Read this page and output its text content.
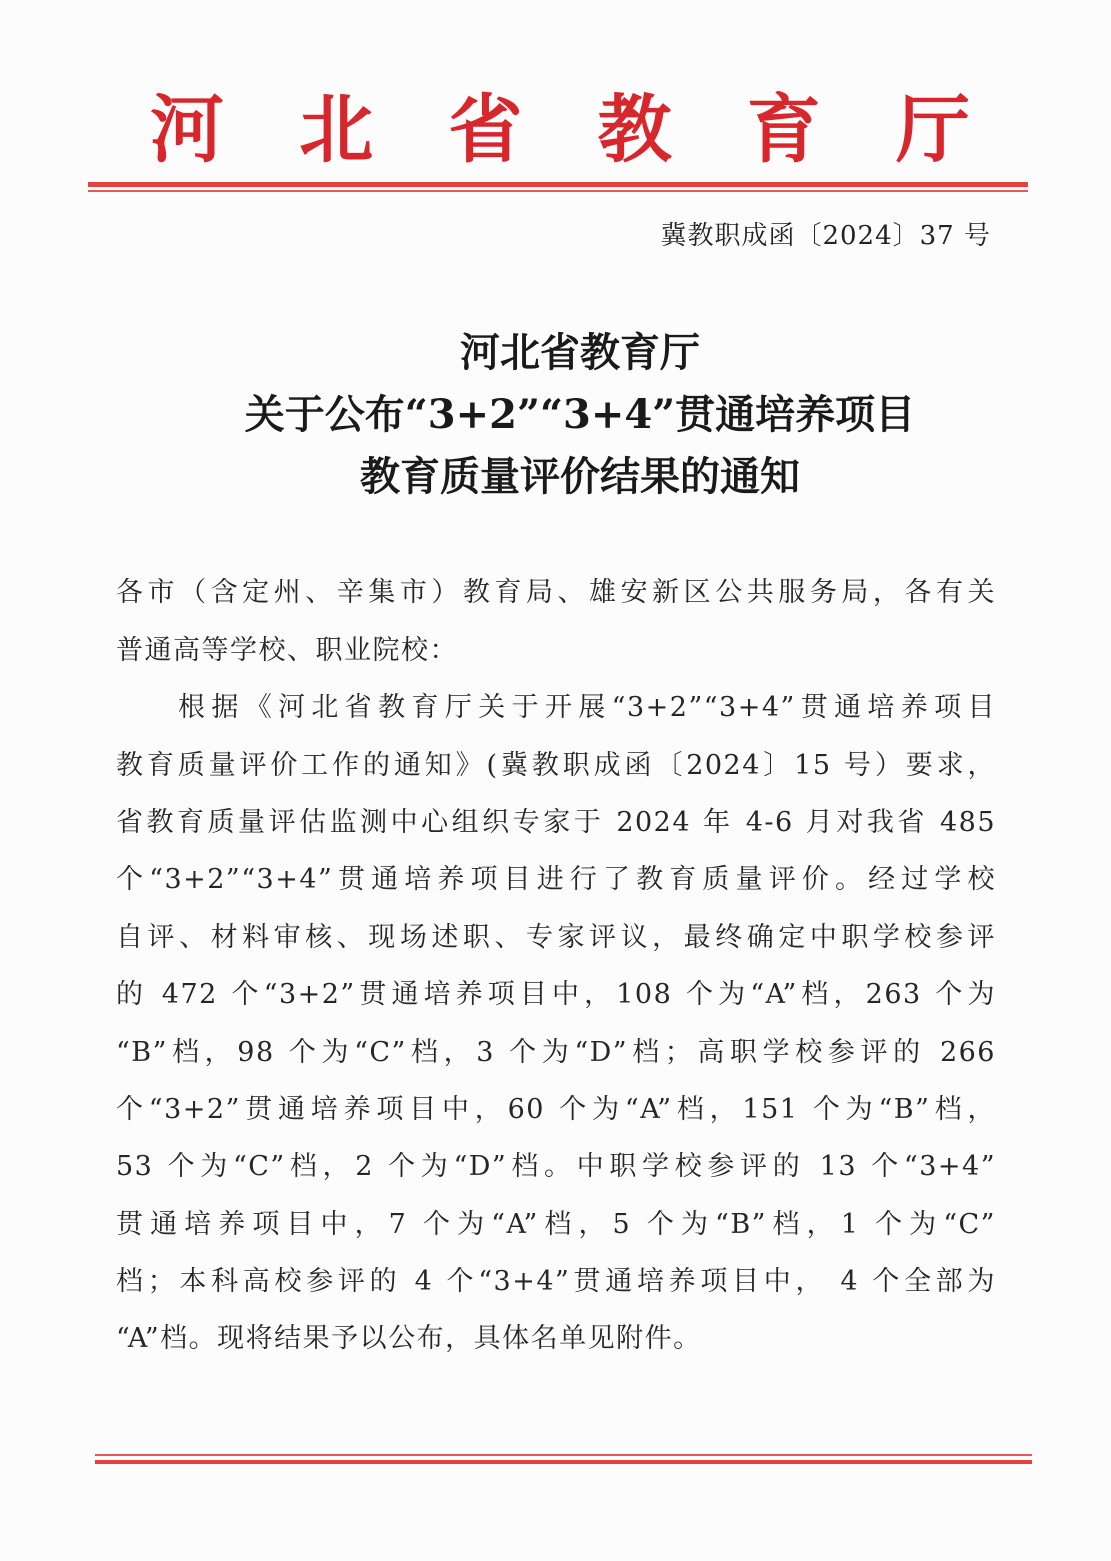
河 北 省 教 育 厅
冀教职成函〔2024〕37 号
河北省教育厅
关于公布“3+2”“3+4”贯通培养项目
教育质量评价结果的通知
各市（含定州、辛集市）教育局、雄安新区公共服务局，各有关
普通高等学校、职业院校：
根据《河北省教育厅关于开展“3+2”“3+4”贯通培养项目
教育质量评价工作的通知》(冀教职成函〔2024〕15 号）要求，
省教育质量评估监测中心组织专家于 2024 年 4-6 月对我省 485
个“3+2”“3+4”贯通培养项目进行了教育质量评价。经过学校
自评、材料审核、现场述职、专家评议，最终确定中职学校参评
的 472 个“3+2”贯通培养项目中，108 个为“A”档，263 个为
“B”档，98 个为“C”档，3 个为“D”档；高职学校参评的 266
个“3+2”贯通培养项目中，60 个为“A”档，151 个为“B”档，
53 个为“C”档，2 个为“D”档。中职学校参评的 13 个“3+4”
贯通培养项目中，7 个为“A”档，5 个为“B”档，1 个为“C”
档；本科高校参评的 4 个“3+4”贯通培养项目中， 4 个全部为
“A”档。现将结果予以公布，具体名单见附件。
